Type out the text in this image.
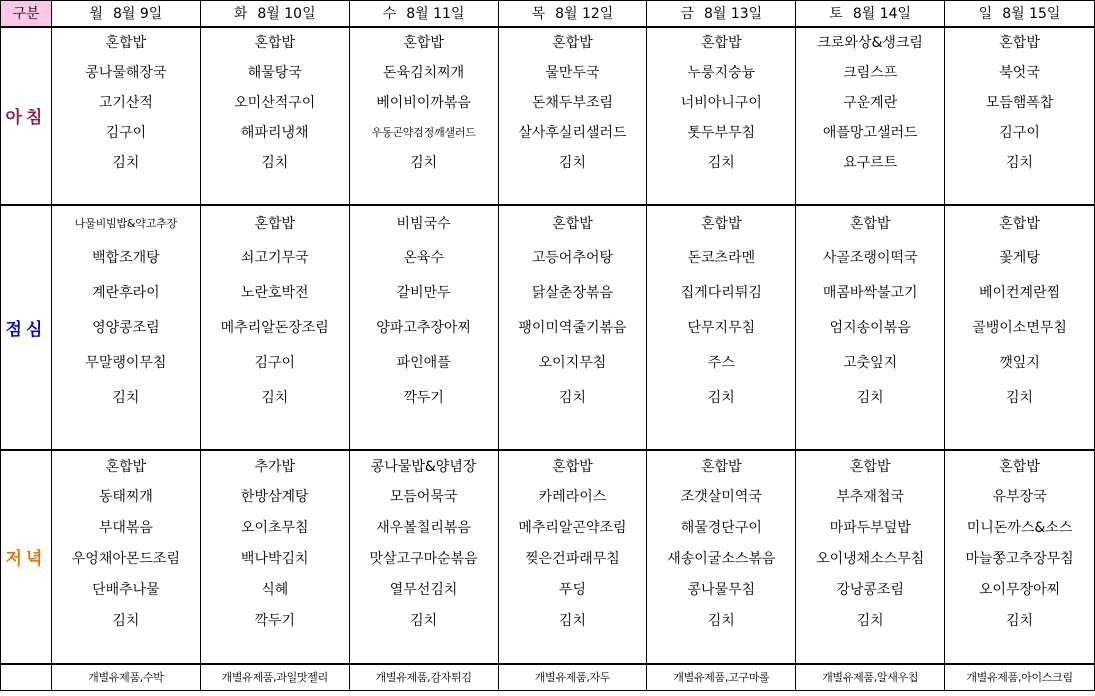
구분	월 8월 9일	화 8월 10일	수 8월 11일	목 8월 12일	금 8월 13일	토 8월 14일	일 8월 15일
아침	혼합밥	혼합밥	혼합밥	혼합밥	혼합밥	크로와상&생크림	혼합밥
	콩나물해장국	해물탕국	돈육김치찌개	물만두국	누룽지숭늉	크림스프	북엇국
	고기산적	오미산적구이	베이비이까볶음	돈채두부조림	너비아니구이	구운계란	모듬햄폭찹
	김구이	해파리냉채	우동곤약검정깨샐러드	살사후실리샐러드	톳두부무침	애플망고샐러드	김구이
	김치	김치	김치	김치	김치	요구르트	김치

점심	나물비빔밥&약고추장	혼합밥	비빔국수	혼합밥	혼합밥	혼합밥	혼합밥
	백합조개탕	쇠고기무국	온육수	고등어추어탕	돈코츠라멘	사골조랭이떡국	꽃게탕
	계란후라이	노란호박전	갈비만두	닭살춘장볶음	집게다리튀김	매콤바싹불고기	베이컨계란찜
	영양콩조림	메추리알돈장조림	양파고추장아찌	팽이미역줄기볶음	단무지무침	엄지송이볶음	골뱅이소면무침
	무말랭이무침	김구이	파인애플	오이지무침	주스	고춧잎지	깻잎지
	김치	김치	깍두기	김치	김치	김치	김치

저녁	혼합밥	추가밥	콩나물밥&양념장	혼합밥	혼합밥	혼합밥	혼합밥
	동태찌개	한방삼계탕	모듬어묵국	카레라이스	조갯살미역국	부추재첩국	유부장국
	부대볶음	오이초무침	새우볼칠리볶음	메추리알곤약조림	해물경단구이	마파두부덮밥	미니돈까스&소스
	우엉채아몬드조림	백나박김치	맛살고구마순볶음	찢은건파래무침	새송이굴소스볶음	오이냉채소스무침	마늘쫑고추장무침
	단배추나물	식혜	열무선김치	푸딩	콩나물무침	강낭콩조림	오이무장아찌
	김치	깍두기	김치	김치	김치	김치	김치

	개별유제품,수박	개별유제품,과일맛젤리	개별유제품,감자튀김	개별유제품,자두	개별유제품,고구마롤	개별유제품,알새우칩	개별유제품,아이스크림
